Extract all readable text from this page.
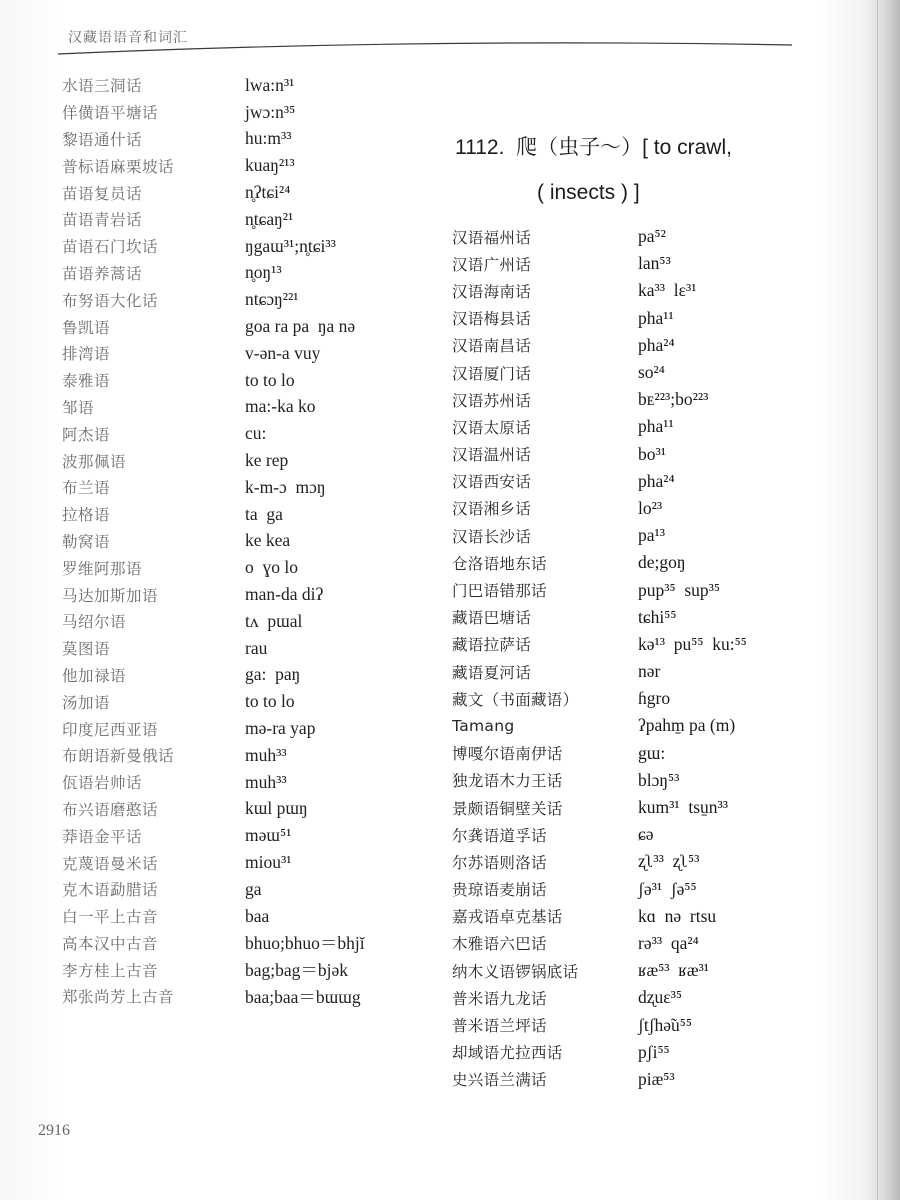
汉藏语语音和词汇
水语三洞话	lwa:n³¹
佯僙语平塘话	jwɔ:n³⁵
黎语通什话	hu:m³³
普标语麻栗坡话	kuaŋ²¹³
苗语复员话	n̥ʔtɕi²⁴
苗语青岩话	n̥tɕaŋ²¹
苗语石门坎话	ŋgaɯ³¹;n̥tɕi³³
苗语养蒿话	n̥oŋ¹³
布努语大化话	ntɕɔŋ²²¹
鲁凯语	goa ra pa  ŋa nə
排湾语	v-ən-a vuy
泰雅语	to to lo
邹语	ma:-ka ko
阿杰语	cu:
波那佩语	ke rep
布兰语	k-m-ɔ  mɔŋ
拉格语	ta  ga
勒窝语	ke kea
罗维阿那语	o  ɣo lo
马达加斯加语	man-da diʔ
马绍尔语	tʌ  pɯal
莫图语	rau
他加禄语	ga:  paŋ
汤加语	to to lo
印度尼西亚语	mə-ra yap
布朗语新曼俄话	muh³³
佤语岩帅话	muh³³
布兴语磨憨话	kɯl pɯŋ
莽语金平话	məɯ⁵¹
克蔑语曼米话	miou³¹
克木语勐腊话	ga
白一平上古音	baa
高本汉中古音	bhuo;bhuo＝bhjĭ
李方桂上古音	bag;bag＝bjək
郑张尚芳上古音	baa;baa＝bɯɯg
1112.  爬（虫子～）[ to crawl,
( insects ) ]
汉语福州话	pa⁵²
汉语广州话	lan⁵³
汉语海南话	ka³³  lɛ³¹
汉语梅县话	pha¹¹
汉语南昌话	pha²⁴
汉语厦门话	so²⁴
汉语苏州话	bᴇ²²³;bo²²³
汉语太原话	pha¹¹
汉语温州话	bo³¹
汉语西安话	pha²⁴
汉语湘乡话	lo²³
汉语长沙话	pa¹³
仓洛语地东话	de;goŋ
门巴语错那话	pup³⁵  sup³⁵
藏语巴塘话	tɕhi⁵⁵
藏语拉萨话	kə¹³  pu⁵⁵  ku:⁵⁵
藏语夏河话	nər
藏文（书面藏语）	ɦgro
Tamang	ʔpahm̠ pa (m)
博嘎尔语南伊话	gɯ:
独龙语木力王话	blɔŋ⁵³
景颇语铜壁关话	kum³¹  tsu̱n³³
尔龚语道孚话	ɕə
尔苏语则洛话	ʐʅ³³  ʐʅ⁵³
贵琼语麦崩话	ʃə³¹  ʃə⁵⁵
嘉戎语卓克基话	kɑ  nə  rtsu
木雅语六巴话	rə³³  qa²⁴
纳木义语锣锅底话	ʁæ⁵³  ʁæ³¹
普米语九龙话	dʐuɛ³⁵
普米语兰坪话	ʃtʃhə̃u⁵⁵
却域语尤拉西话	pʃi⁵⁵
史兴语兰满话	piæ⁵³
2916
